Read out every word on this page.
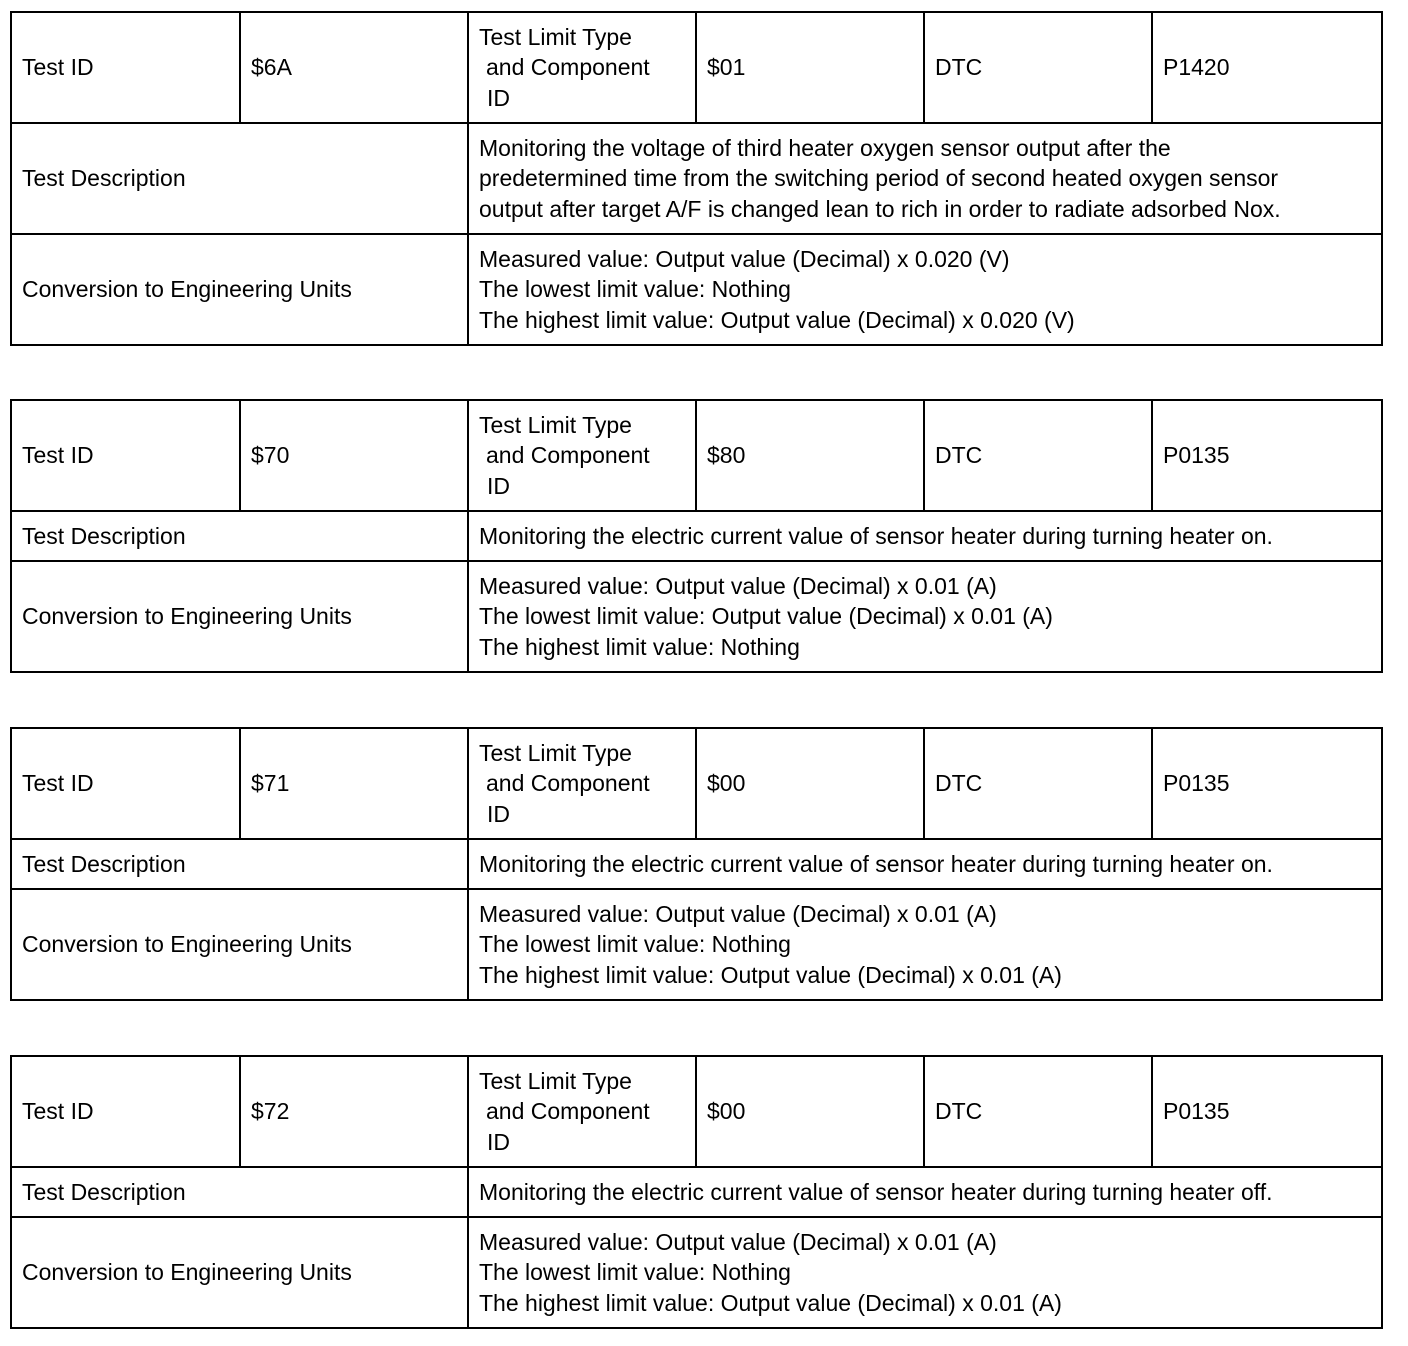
Test ID	$6A	Test Limit Type
and Component
ID	$01	DTC	P1420
Test Description		Monitoring the voltage of third heater oxygen sensor output after the
predetermined time from the switching period of second heated oxygen sensor
output after target A/F is changed lean to rich in order to radiate adsorbed Nox.			

Conversion to Engineering Units		Measured value: Output value (Decimal) x 0.020 (V)
The lowest limit value: Nothing
The highest limit value: Output value (Decimal) x 0.020 (V)			
Test ID	$70	Test Limit Type
and Component
ID	$80	DTC	P0135
Test Description		Monitoring the electric current value of sensor heater during turning heater on.			

Conversion to Engineering Units		Measured value: Output value (Decimal) x 0.01 (A)
The lowest limit value: Output value (Decimal) x 0.01 (A)
The highest limit value: Nothing			
Test ID	$71	Test Limit Type
and Component
ID	$00	DTC	P0135
Test Description		Monitoring the electric current value of sensor heater during turning heater on.			

Conversion to Engineering Units		Measured value: Output value (Decimal) x 0.01 (A)
The lowest limit value: Nothing
The highest limit value: Output value (Decimal) x 0.01 (A)			
Test ID	$72	Test Limit Type
and Component
ID	$00	DTC	P0135
Test Description		Monitoring the electric current value of sensor heater during turning heater off.			

Conversion to Engineering Units		Measured value: Output value (Decimal) x 0.01 (A)
The lowest limit value: Nothing
The highest limit value: Output value (Decimal) x 0.01 (A)			
